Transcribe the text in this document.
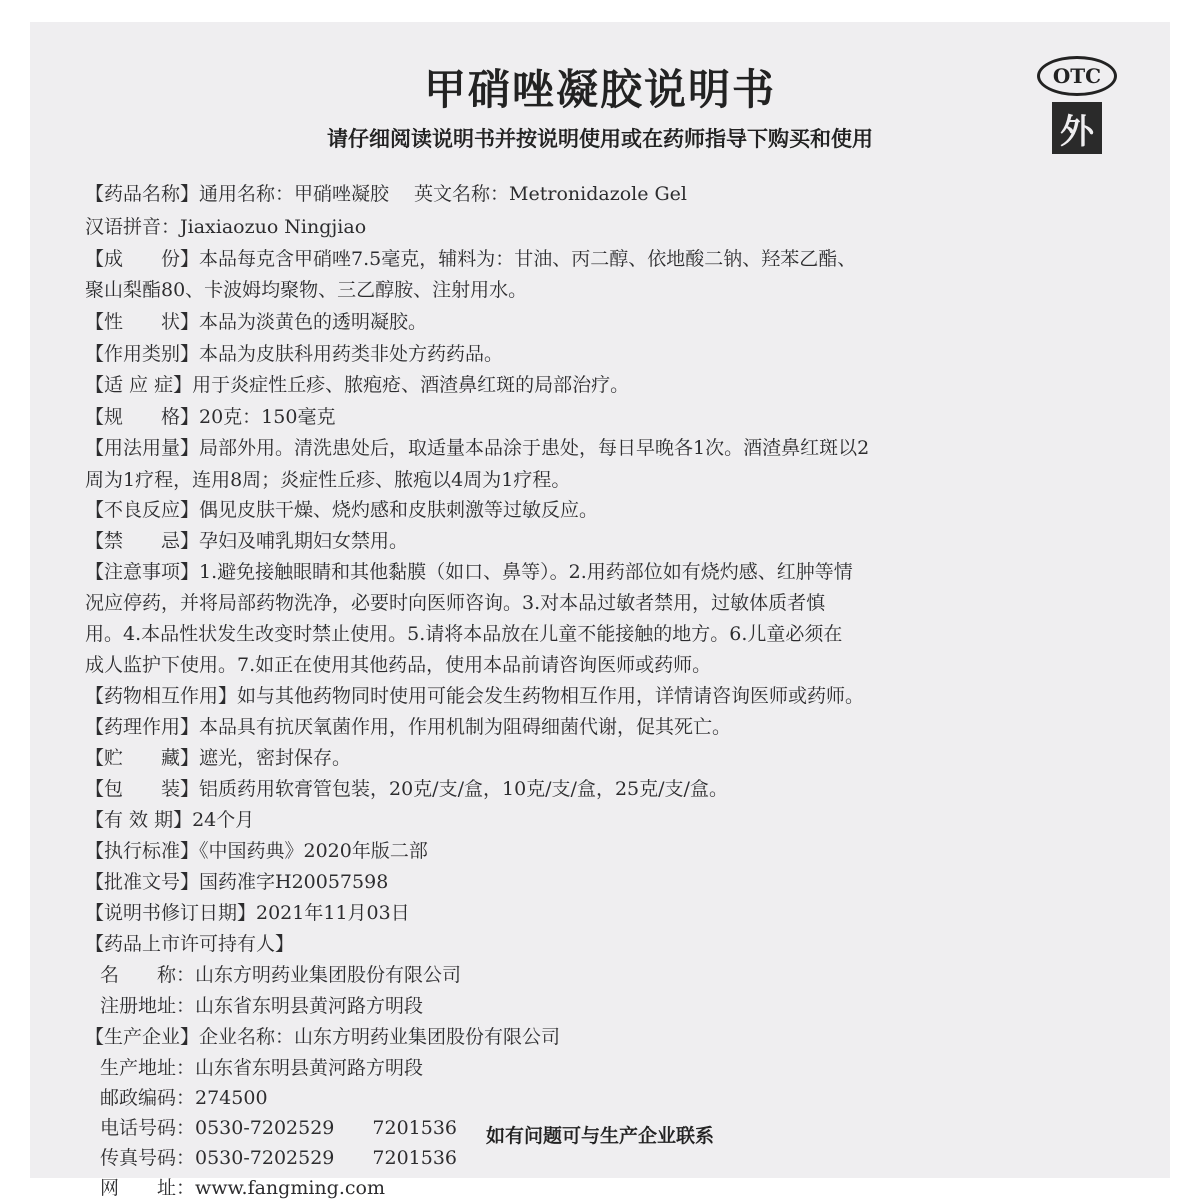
甲硝唑凝胶说明书
请仔细阅读说明书并按说明使用或在药师指导下购买和使用
OTC
外
【药品名称】通用名称：甲硝唑凝胶　 英文名称：Metronidazole Gel
汉语拼音：Jiaxiaozuo Ningjiao
【成　　份】本品每克含甲硝唑7.5毫克，辅料为：甘油、丙二醇、依地酸二钠、羟苯乙酯、
聚山梨酯80、卡波姆均聚物、三乙醇胺、注射用水。
【性　　状】本品为淡黄色的透明凝胶。
【作用类别】本品为皮肤科用药类非处方药药品。
【适 应 症】用于炎症性丘疹、脓疱疮、酒渣鼻红斑的局部治疗。
【规　　格】20克：150毫克
【用法用量】局部外用。清洗患处后，取适量本品涂于患处，每日早晚各1次。酒渣鼻红斑以2
周为1疗程，连用8周；炎症性丘疹、脓疱以4周为1疗程。
【不良反应】偶见皮肤干燥、烧灼感和皮肤刺激等过敏反应。
【禁　　忌】孕妇及哺乳期妇女禁用。
【注意事项】1.避免接触眼睛和其他黏膜（如口、鼻等）。2.用药部位如有烧灼感、红肿等情
况应停药，并将局部药物洗净，必要时向医师咨询。3.对本品过敏者禁用，过敏体质者慎
用。4.本品性状发生改变时禁止使用。5.请将本品放在儿童不能接触的地方。6.儿童必须在
成人监护下使用。7.如正在使用其他药品，使用本品前请咨询医师或药师。
【药物相互作用】如与其他药物同时使用可能会发生药物相互作用，详情请咨询医师或药师。
【药理作用】本品具有抗厌氧菌作用，作用机制为阻碍细菌代谢，促其死亡。
【贮　　藏】遮光，密封保存。
【包　　装】铝质药用软膏管包装，20克/支/盒，10克/支/盒，25克/支/盒。
【有 效 期】24个月
【执行标准】《中国药典》2020年版二部
【批准文号】国药准字H20057598
【说明书修订日期】2021年11月03日
【药品上市许可持有人】
名　　称：山东方明药业集团股份有限公司
注册地址：山东省东明县黄河路方明段
【生产企业】企业名称：山东方明药业集团股份有限公司
生产地址：山东省东明县黄河路方明段
邮政编码：274500
电话号码：0530-7202529　　7201536
传真号码：0530-7202529　　7201536
网　　址：www.fangming.com
如有问题可与生产企业联系
